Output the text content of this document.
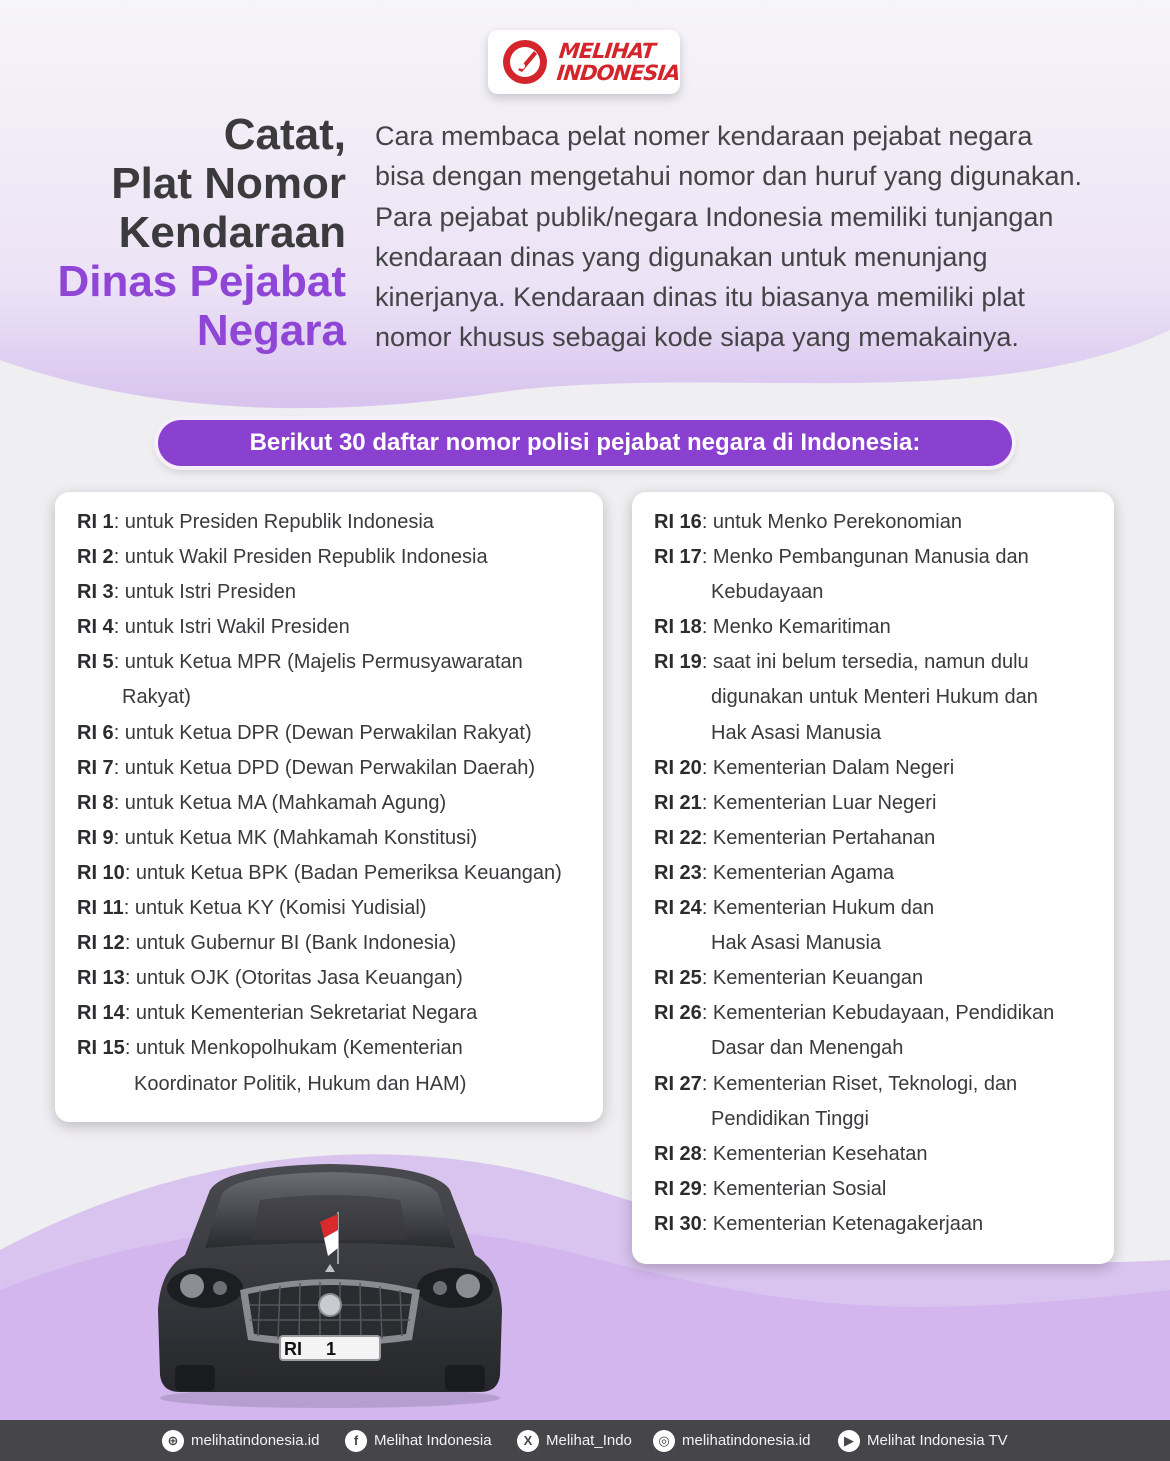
MELIHAT
INDONESIA
Catat,
Plat Nomor
Kendaraan
Dinas Pejabat
Negara
Cara membaca pelat nomer kendaraan pejabat negara
bisa dengan mengetahui nomor dan huruf yang digunakan.
Para pejabat publik/negara Indonesia memiliki tunjangan
kendaraan dinas yang digunakan untuk menunjang
kinerjanya. Kendaraan dinas itu biasanya memiliki plat
nomor khusus sebagai kode siapa yang memakainya.
Berikut 30 daftar nomor polisi pejabat negara di Indonesia:
RI 1: untuk Presiden Republik Indonesia
RI 2: untuk Wakil Presiden Republik Indonesia
RI 3: untuk Istri Presiden
RI 4: untuk Istri Wakil Presiden
RI 5: untuk Ketua MPR (Majelis Permusyawaratan
Rakyat)
RI 6: untuk Ketua DPR (Dewan Perwakilan Rakyat)
RI 7: untuk Ketua DPD (Dewan Perwakilan Daerah)
RI 8: untuk Ketua MA (Mahkamah Agung)
RI 9: untuk Ketua MK (Mahkamah Konstitusi)
RI 10: untuk Ketua BPK (Badan Pemeriksa Keuangan)
RI 11: untuk Ketua KY (Komisi Yudisial)
RI 12: untuk Gubernur BI (Bank Indonesia)
RI 13: untuk OJK (Otoritas Jasa Keuangan)
RI 14: untuk Kementerian Sekretariat Negara
RI 15: untuk Menkopolhukam (Kementerian
Koordinator Politik, Hukum dan HAM)
RI 16: untuk Menko Perekonomian
RI 17: Menko Pembangunan Manusia dan
Kebudayaan
RI 18: Menko Kemaritiman
RI 19: saat ini belum tersedia, namun dulu
digunakan untuk Menteri Hukum dan
Hak Asasi Manusia
RI 20: Kementerian Dalam Negeri
RI 21: Kementerian Luar Negeri
RI 22: Kementerian Pertahanan
RI 23: Kementerian Agama
RI 24: Kementerian Hukum dan
Hak Asasi Manusia
RI 25: Kementerian Keuangan
RI 26: Kementerian Kebudayaan, Pendidikan
Dasar dan Menengah
RI 27: Kementerian Riset, Teknologi, dan
Pendidikan Tinggi
RI 28: Kementerian Kesehatan
RI 29: Kementerian Sosial
RI 30: Kementerian Ketenagakerjaan
RI 1
⊕ melihatindonesia.id	f	Melihat Indonesia	X Melihat_Indo	◎ melihatindonesia.id	▶ Melihat Indonesia TV
